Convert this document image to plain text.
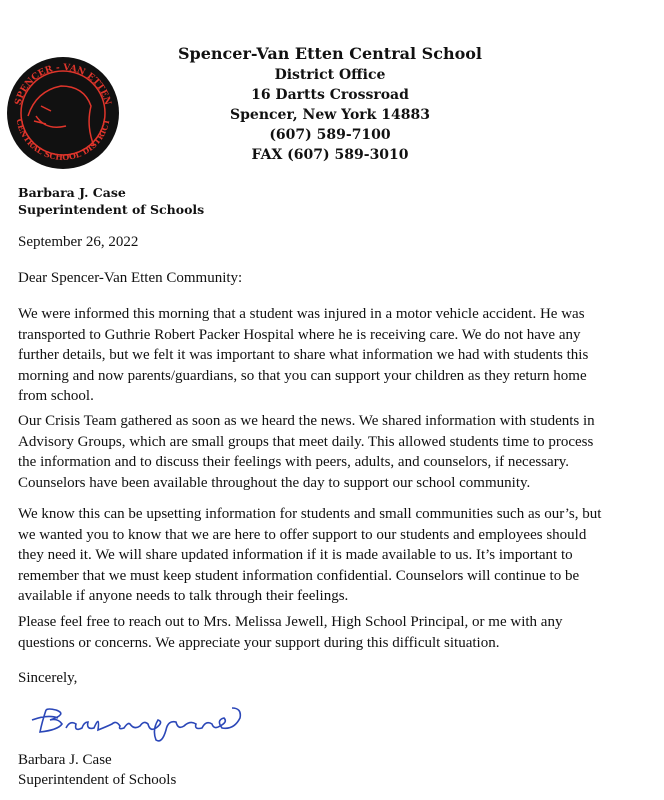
SPENCER - VAN ETTEN
CENTRAL SCHOOL DISTRICT
Spencer-Van Etten Central School
District Office
16 Dartts Crossroad
Spencer, New York 14883
(607) 589-7100
FAX (607) 589-3010
Barbara J. Case
Superintendent of Schools
September 26, 2022
Dear Spencer-Van Etten Community:
We were informed this morning that a student was injured in a motor vehicle accident. He was
transported to Guthrie Robert Packer Hospital where he is receiving care. We do not have any
further details, but we felt it was important to share what information we had with students this
morning and now parents/guardians, so that you can support your children as they return home
from school.
Our Crisis Team gathered as soon as we heard the news. We shared information with students in
Advisory Groups, which are small groups that meet daily. This allowed students time to process
the information and to discuss their feelings with peers, adults, and counselors, if necessary.
Counselors have been available throughout the day to support our school community.
We know this can be upsetting information for students and small communities such as our’s, but
we wanted you to know that we are here to offer support to our students and employees should
they need it. We will share updated information if it is made available to us. It’s important to
remember that we must keep student information confidential. Counselors will continue to be
available if anyone needs to talk through their feelings.
Please feel free to reach out to Mrs. Melissa Jewell, High School Principal, or me with any
questions or concerns. We appreciate your support during this difficult situation.
Sincerely,
Barbara J. Case
Superintendent of Schools
